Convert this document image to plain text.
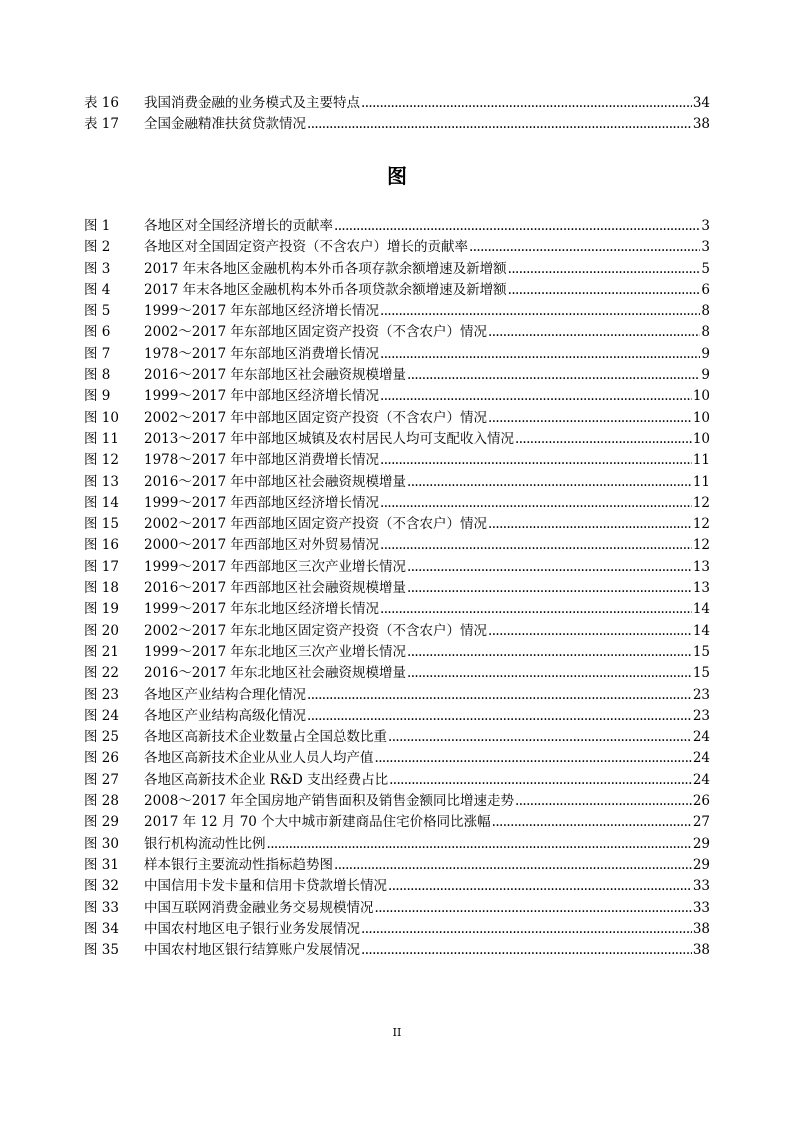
表 16	我国消费金融的业务模式及主要特点 .....	34
表 17	全国金融精准扶贫贷款情况 .....	38
图
图 1	各地区对全国经济增长的贡献率 .....	3
图 2	各地区对全国固定资产投资（不含农户）增长的贡献率 .....	3
图 3	2017 年末各地区金融机构本外币各项存款余额增速及新增额 .....	5
图 4	2017 年末各地区金融机构本外币各项贷款余额增速及新增额 .....	6
图 5	1999～2017 年东部地区经济增长情况 .....	8
图 6	2002～2017 年东部地区固定资产投资（不含农户）情况 .....	8
图 7	1978～2017 年东部地区消费增长情况 .....	9
图 8	2016～2017 年东部地区社会融资规模增量 .....	9
图 9	1999～2017 年中部地区经济增长情况 .....	10
图 10	2002～2017 年中部地区固定资产投资（不含农户）情况 .....	10
图 11	2013～2017 年中部地区城镇及农村居民人均可支配收入情况 .....	10
图 12	1978～2017 年中部地区消费增长情况 .....	11
图 13	2016～2017 年中部地区社会融资规模增量 .....	11
图 14	1999～2017 年西部地区经济增长情况 .....	12
图 15	2002～2017 年西部地区固定资产投资（不含农户）情况 .....	12
图 16	2000～2017 年西部地区对外贸易情况 .....	12
图 17	1999～2017 年西部地区三次产业增长情况 .....	13
图 18	2016～2017 年西部地区社会融资规模增量 .....	13
图 19	1999～2017 年东北地区经济增长情况 .....	14
图 20	2002～2017 年东北地区固定资产投资（不含农户）情况 .....	14
图 21	1999～2017 年东北地区三次产业增长情况 .....	15
图 22	2016～2017 年东北地区社会融资规模增量 .....	15
图 23	各地区产业结构合理化情况 .....	23
图 24	各地区产业结构高级化情况 .....	23
图 25	各地区高新技术企业数量占全国总数比重 .....	24
图 26	各地区高新技术企业从业人员人均产值 .....	24
图 27	各地区高新技术企业 R&D 支出经费占比 .....	24
图 28	2008～2017 年全国房地产销售面积及销售金额同比增速走势 .....	26
图 29	2017 年 12 月 70 个大中城市新建商品住宅价格同比涨幅 .....	27
图 30	银行机构流动性比例 .....	29
图 31	样本银行主要流动性指标趋势图 .....	29
图 32	中国信用卡发卡量和信用卡贷款增长情况 .....	33
图 33	中国互联网消费金融业务交易规模情况 .....	33
图 34	中国农村地区电子银行业务发展情况 .....	38
图 35	中国农村地区银行结算账户发展情况 .....	38
II
